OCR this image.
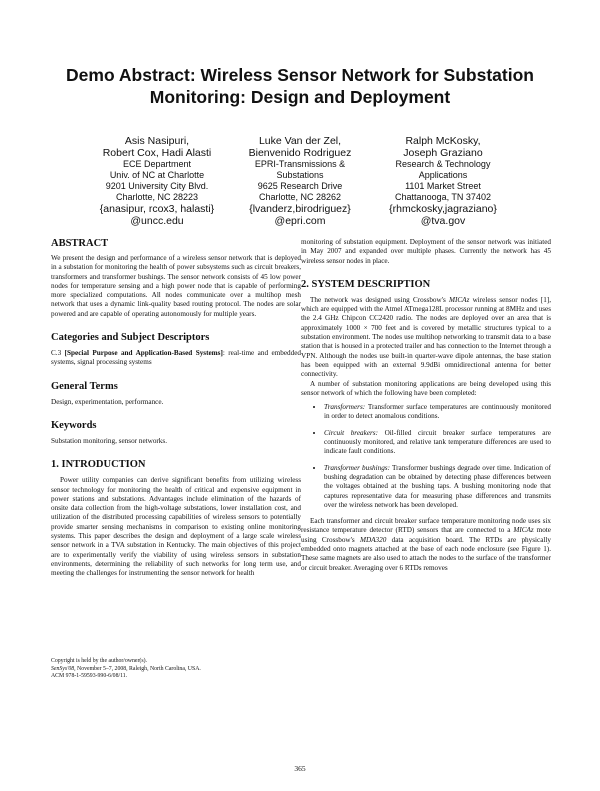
Demo Abstract: Wireless Sensor Network for Substation
Monitoring: Design and Deployment
Asis Nasipuri,
Robert Cox, Hadi Alasti
ECE Department
Univ. of NC at Charlotte
9201 University City Blvd.
Charlotte, NC 28223
{anasipur, rcox3, halasti}
@uncc.edu
Luke Van der Zel,
Bienvenido Rodriguez
EPRI-Transmissions &
Substations
9625 Research Drive
Charlotte, NC 28262
{lvanderz,birodriguez}
@epri.com
Ralph McKosky,
Joseph Graziano
Research & Technology
Applications
1101 Market Street
Chattanooga, TN 37402
{rhmckosky,jagraziano}
@tva.gov
ABSTRACT

We present the design and performance of a wireless sensor network that is deployed in a substation for monitoring the health of power subsystems such as circuit breakers, transformers and transformer bushings. The sensor network consists of 45 low power nodes for temperature sensing and a high power node that is capable of performing more specialized computations. All nodes communicate over a multihop mesh network that uses a dynamic link-quality based routing protocol. The nodes are solar powered and are capable of operating autonomously for multiple years.

Categories and Subject Descriptors

C.3 [Special Purpose and Application-Based Systems]: real-time and embedded systems, signal processing systems

General Terms

Design, experimentation, performance.

Keywords

Substation monitoring, sensor networks.

1. INTRODUCTION

Power utility companies can derive significant benefits from utilizing wireless sensor technology for monitoring the health of critical and expensive equipment in power stations and substations. Advantages include elimination of the hazards of onsite data collection from the high-voltage substations, lower installation cost, and utilization of the distributed processing capabilities of wireless sensors to potentially provide smarter sensing mechanisms in comparison to existing online monitoring systems. This paper describes the design and deployment of a large scale wireless sensor network in a TVA substation in Kentucky. The main objectives of this project are to experimentally verify the viability of using wireless sensors in substation environments, determining the reliability of such networks for long term use, and meeting the challenges for instrumenting the sensor network for health

monitoring of substation equipment. Deployment of the sensor network was initiated in May 2007 and expanded over multiple phases. Currently the network has 45 wireless sensor nodes in place.

2. SYSTEM DESCRIPTION

The network was designed using Crossbow's MICAz wireless sensor nodes [1], which are equipped with the Atmel ATmega128L processor running at 8MHz and uses the 2.4 GHz Chipcon CC2420 radio. The nodes are deployed over an area that is approximately 1000 × 700 feet and is covered by metallic structures typical to a substation environment. The nodes use multihop networking to transmit data to a base station that is housed in a protected trailer and has connection to the Internet through a VPN. Although the nodes use built-in quarter-wave dipole antennas, the base station has been equipped with an external 9.9dBi omnidirectional antenna for better connectivity.

A number of substation monitoring applications are being developed using this sensor network of which the following have been completed:

• Transformers: Transformer surface temperatures are continuously monitored in order to detect anomalous conditions.
• Circuit breakers: Oil-filled circuit breaker surface temperatures are continuously monitored, and relative tank temperature differences are used to indicate fault conditions.
• Transformer bushings: Transformer bushings degrade over time. Indication of bushing degradation can be obtained by detecting phase differences between the voltages obtained at the bushing taps. A bushing monitoring node that captures representative data for measuring phase differences and transmits over the wireless network has been developed.

Each transformer and circuit breaker surface temperature monitoring node uses six resistance temperature detector (RTD) sensors that are connected to a MICAz mote using Crossbow's MDA320 data acquisition board. The RTDs are physically embedded onto magnets attached at the base of each node enclosure (see Figure 1). These same magnets are also used to attach the nodes to the surface of the transformer or circuit breaker. Averaging over 6 RTDs removes

Copyright is held by the author/owner(s).
SenSys'08, November 5–7, 2008, Raleigh, North Carolina, USA.
ACM 978-1-59593-990-6/08/11.
365
